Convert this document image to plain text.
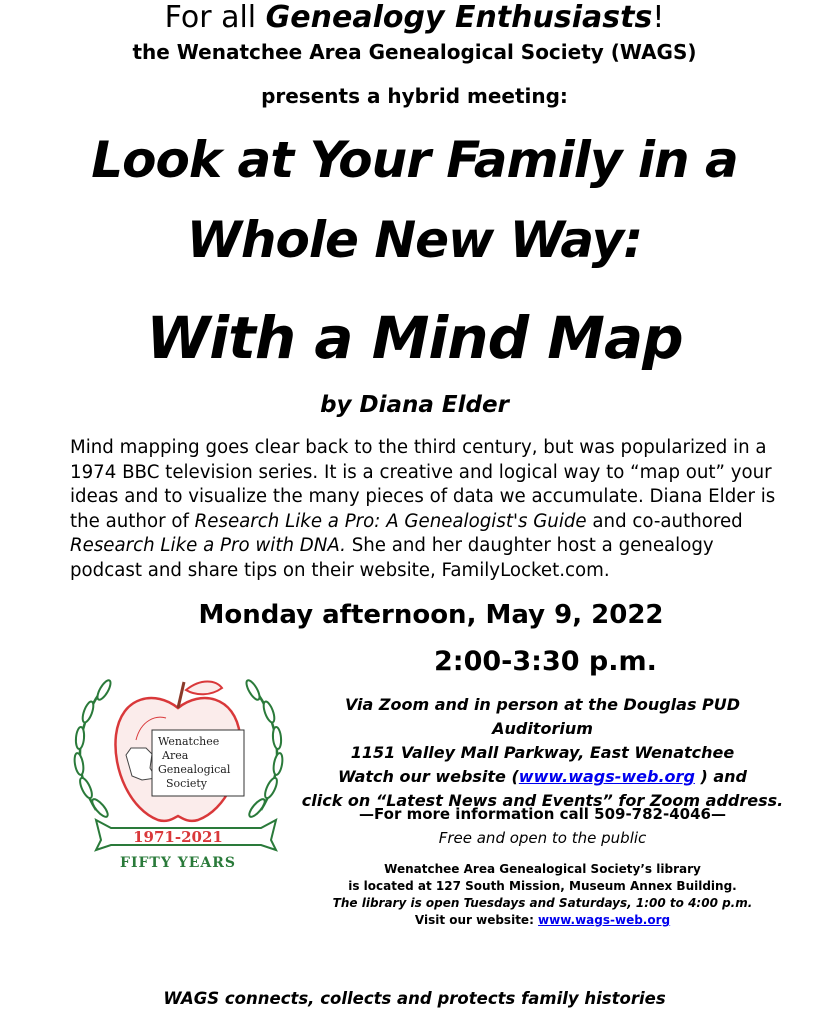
For all Genealogy Enthusiasts!
the Wenatchee Area Genealogical Society (WAGS)
presents a hybrid meeting:
Look at Your Family in a
Whole New Way:
With a Mind Map
by Diana Elder
Mind mapping goes clear back to the third century, but was popularized in a 1974 BBC television series. It is a creative and logical way to “map out” your ideas and to visualize the many pieces of data we accumulate. Diana Elder is the author of Research Like a Pro: A Genealogist's Guide and co-authored Research Like a Pro with DNA. She and her daughter host a genealogy podcast and share tips on their website, FamilyLocket.com.
Monday afternoon, May 9, 2022
2:00-3:30 p.m.
Wenatchee
Area
Genealogical
Society
1971-2021
FIFTY YEARS
Via Zoom and in person at the Douglas PUD Auditorium
1151 Valley Mall Parkway, East Wenatchee
Watch our website (www.wags-web.org ) and
click on “Latest News and Events” for Zoom address.
—For more information call 509-782-4046—
Free and open to the public
Wenatchee Area Genealogical Society’s library
is located at 127 South Mission, Museum Annex Building.
The library is open Tuesdays and Saturdays, 1:00 to 4:00 p.m.
Visit our website: www.wags-web.org
WAGS connects, collects and protects family histories
